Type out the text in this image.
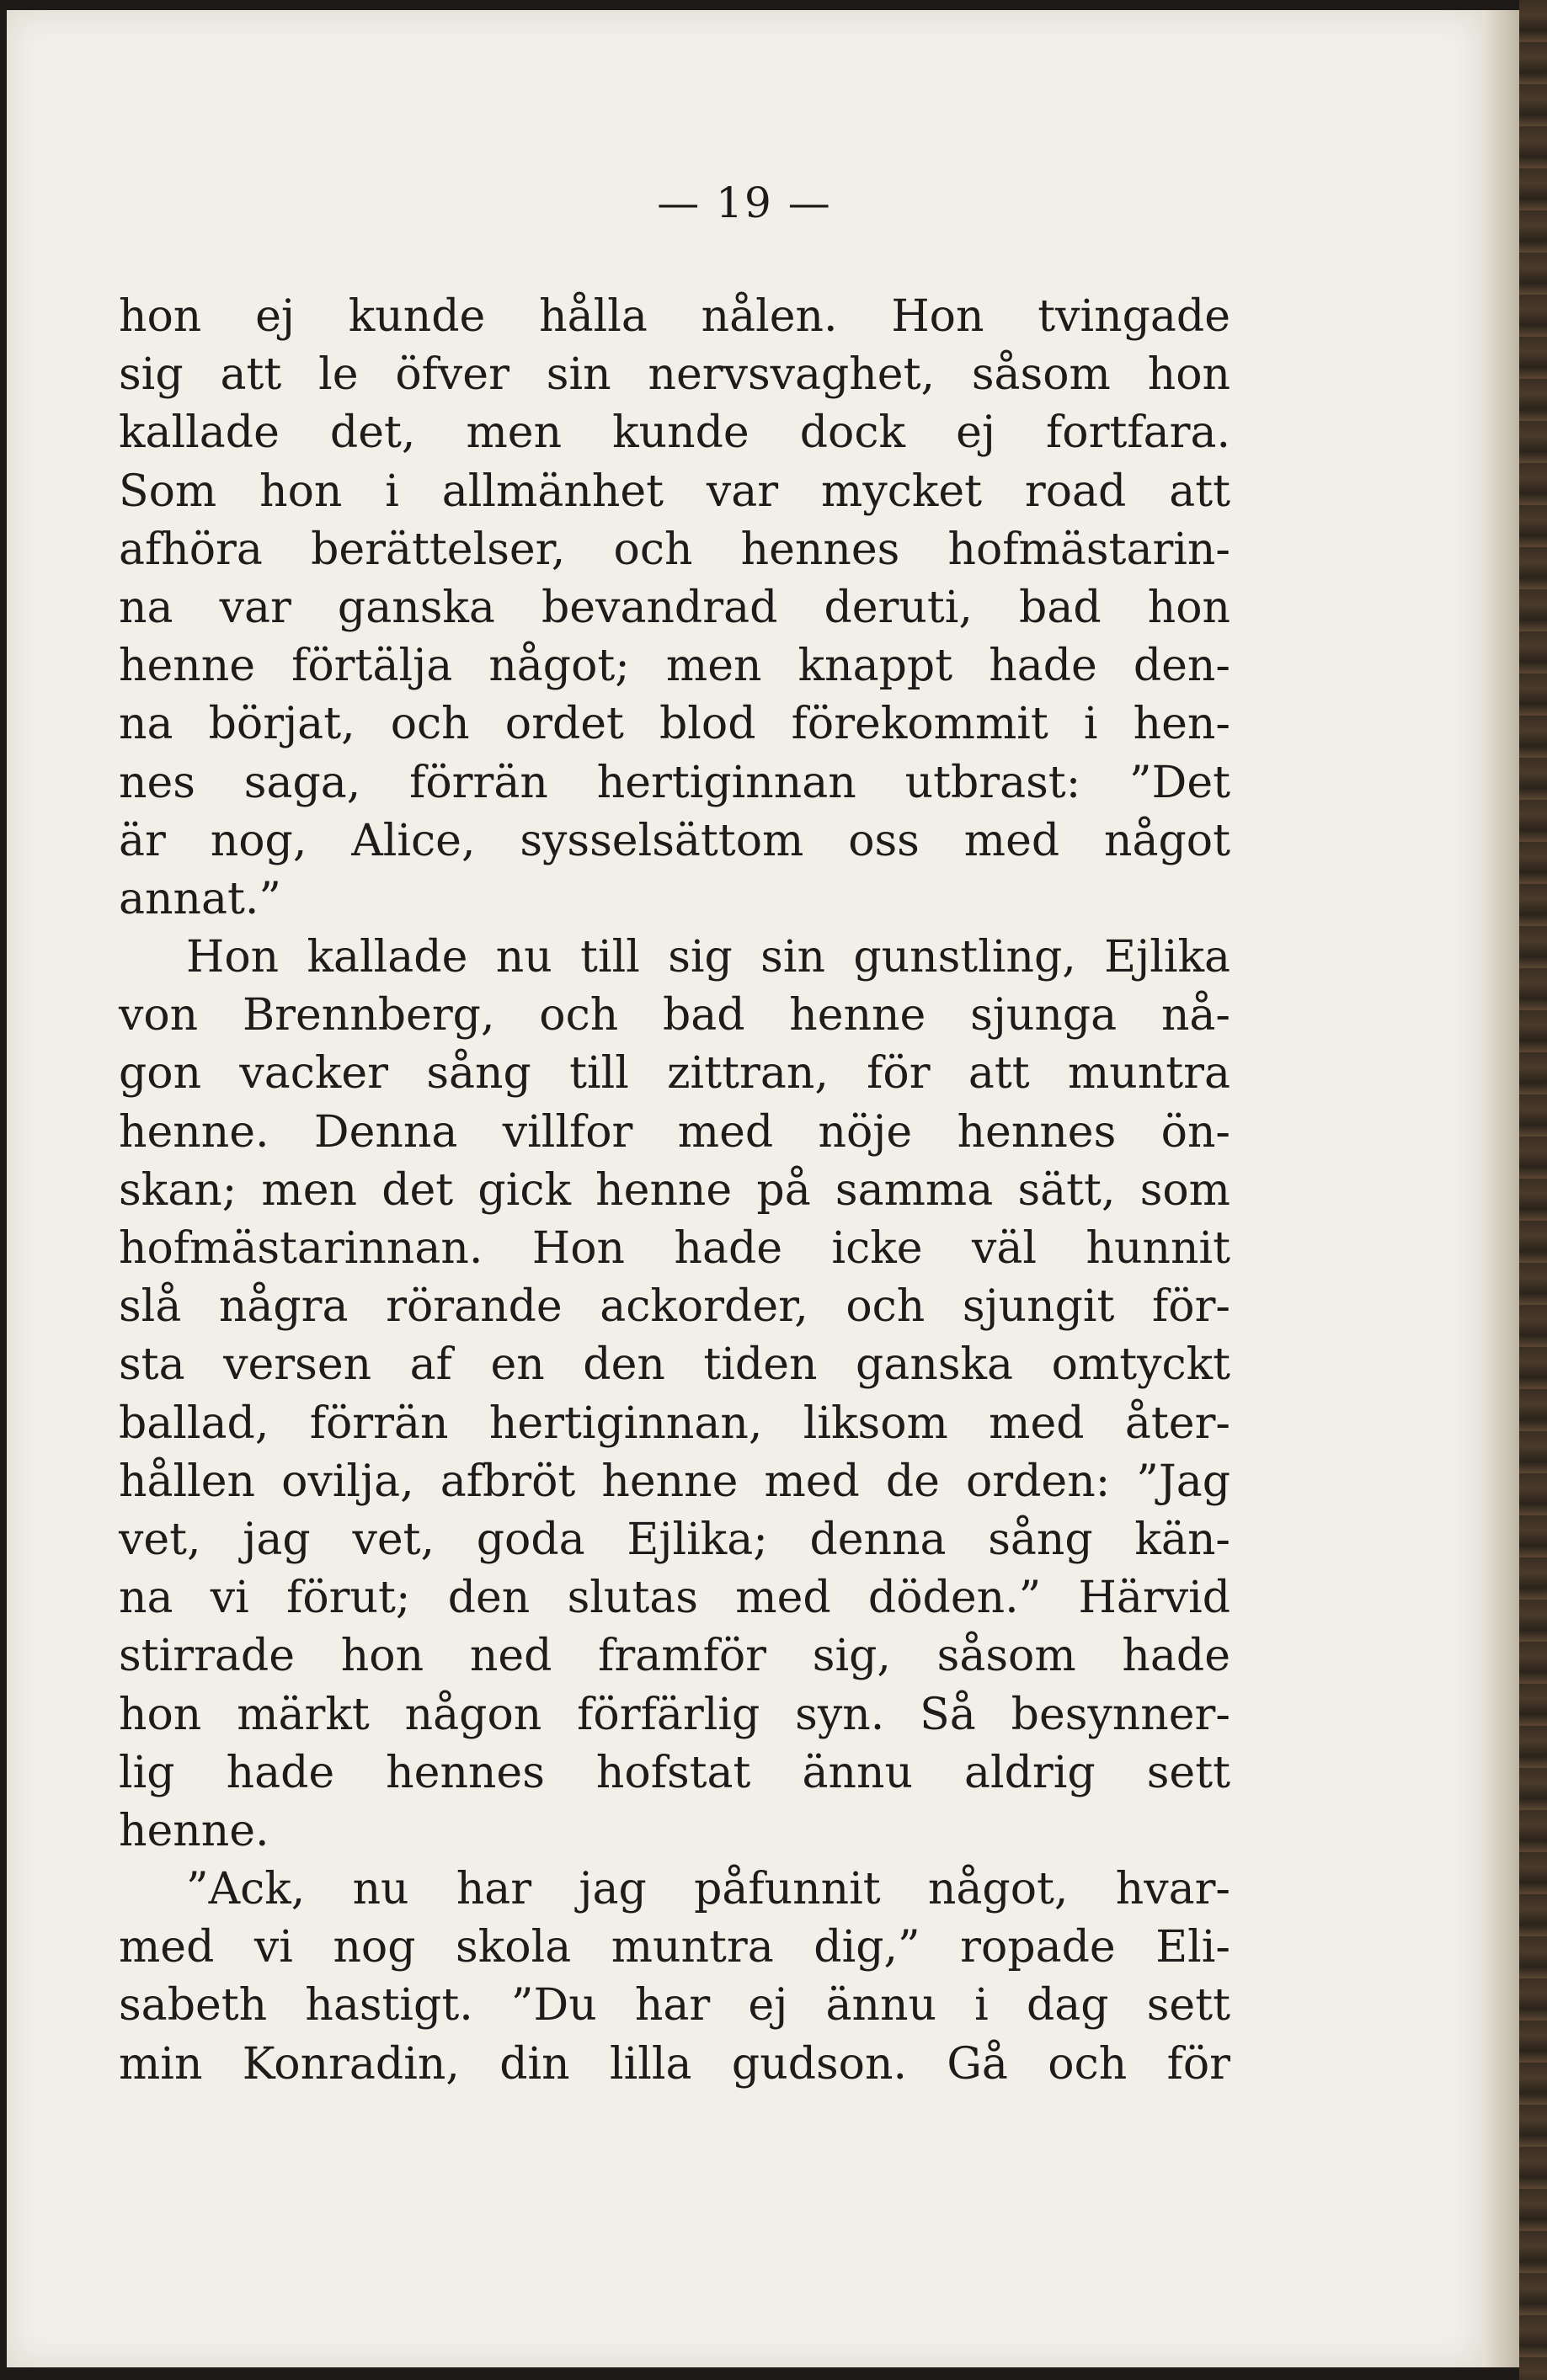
— 19 —
hon ej kunde hålla nålen. Hon tvingade
sig att le öfver sin nervsvaghet, såsom hon
kallade det, men kunde dock ej fortfara.
Som hon i allmänhet var mycket road att
afhöra berättelser, och hennes hofmästarin-
na var ganska bevandrad deruti, bad hon
henne förtälja något; men knappt hade den-
na börjat, och ordet blod förekommit i hen-
nes saga, förrän hertiginnan utbrast: ”Det
är nog, Alice, sysselsättom oss med något
annat.”
Hon kallade nu till sig sin gunstling, Ejlika
von Brennberg, och bad henne sjunga nå-
gon vacker sång till zittran, för att muntra
henne. Denna villfor med nöje hennes ön-
skan; men det gick henne på samma sätt, som
hofmästarinnan. Hon hade icke väl hunnit
slå några rörande ackorder, och sjungit för-
sta versen af en den tiden ganska omtyckt
ballad, förrän hertiginnan, liksom med åter-
hållen ovilja, afbröt henne med de orden: ”Jag
vet, jag vet, goda Ejlika; denna sång kän-
na vi förut; den slutas med döden.” Härvid
stirrade hon ned framför sig, såsom hade
hon märkt någon förfärlig syn. Så besynner-
lig hade hennes hofstat ännu aldrig sett
henne.
”Ack, nu har jag påfunnit något, hvar-
med vi nog skola muntra dig,” ropade Eli-
sabeth hastigt. ”Du har ej ännu i dag sett
min Konradin, din lilla gudson. Gå och för
